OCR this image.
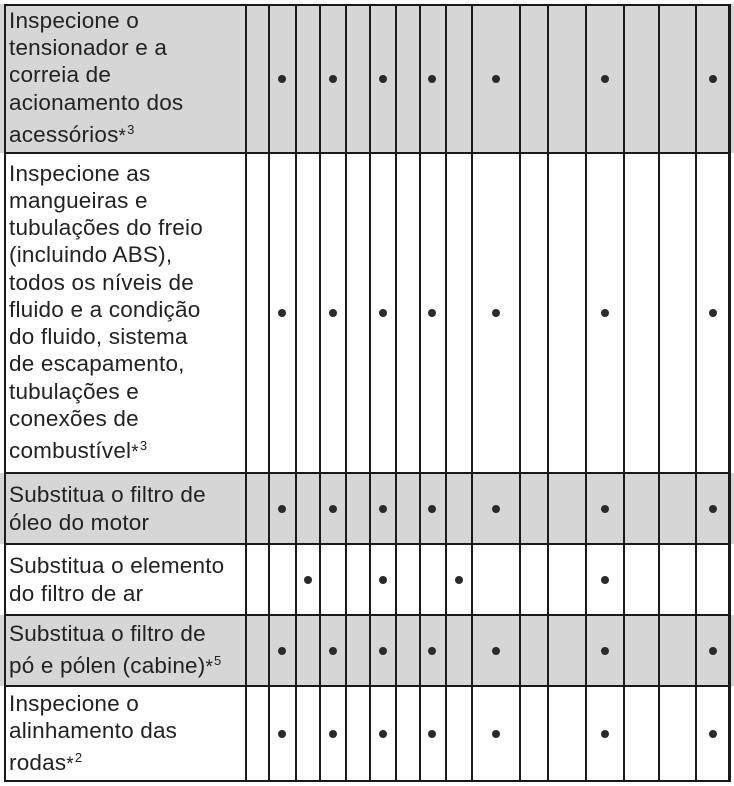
Inspecione o
tensionador e a
correia de
acionamento dos
acessórios*$^3$
Inspecione as
mangueiras e
tubulações do freio
(incluindo ABS),
todos os níveis de
fluido e a condição
do fluido, sistema
de escapamento,
tubulações e
conexões de
combustível*$^3$
Substitua o filtro de
óleo do motor
Substitua o elemento
do filtro de ar
Substitua o filtro de
pó e pólen (cabine)*$^5$
Inspecione o
alinhamento das
rodas*$^2$
